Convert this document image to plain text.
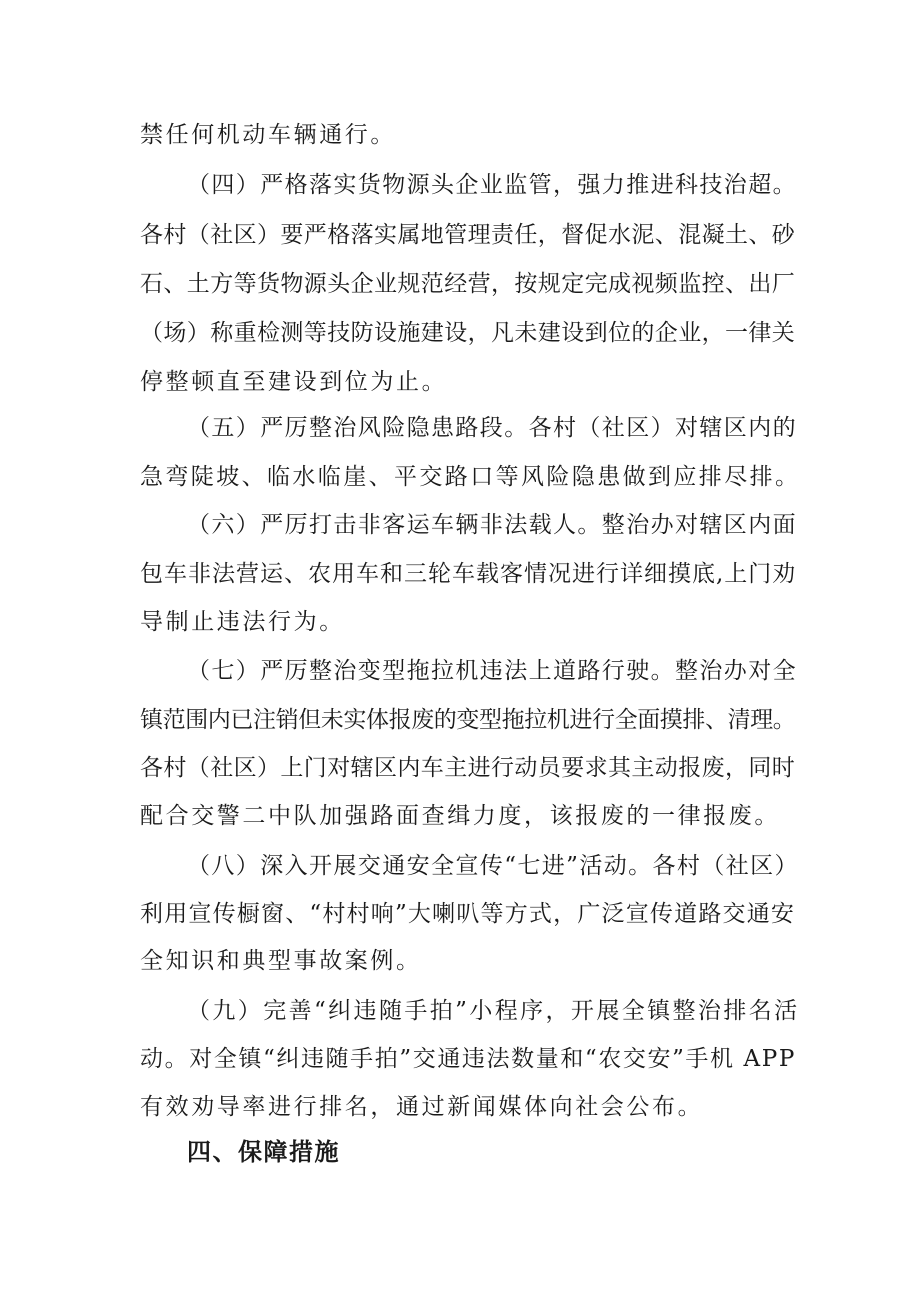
禁任何机动车辆通行。
（四）严格落实货物源头企业监管，强力推进科技治超。
各村（社区）要严格落实属地管理责任，督促水泥、混凝土、砂
石、土方等货物源头企业规范经营，按规定完成视频监控、出厂
（场）称重检测等技防设施建设，凡未建设到位的企业，一律关
停整顿直至建设到位为止。
（五）严厉整治风险隐患路段。各村（社区）对辖区内的
急弯陡坡、临水临崖、平交路口等风险隐患做到应排尽排。
（六）严厉打击非客运车辆非法载人。整治办对辖区内面
包车非法营运、农用车和三轮车载客情况进行详细摸底,上门劝
导制止违法行为。
（七）严厉整治变型拖拉机违法上道路行驶。整治办对全
镇范围内已注销但未实体报废的变型拖拉机进行全面摸排、清理。
各村（社区）上门对辖区内车主进行动员要求其主动报废，同时
配合交警二中队加强路面查缉力度，该报废的一律报废。
（八）深入开展交通安全宣传“七进”活动。各村（社区）
利用宣传橱窗、“村村响”大喇叭等方式，广泛宣传道路交通安
全知识和典型事故案例。
（九）完善“纠违随手拍”小程序，开展全镇整治排名活
动。对全镇“纠违随手拍”交通违法数量和“农交安”手机 APP
有效劝导率进行排名，通过新闻媒体向社会公布。
四、保障措施
